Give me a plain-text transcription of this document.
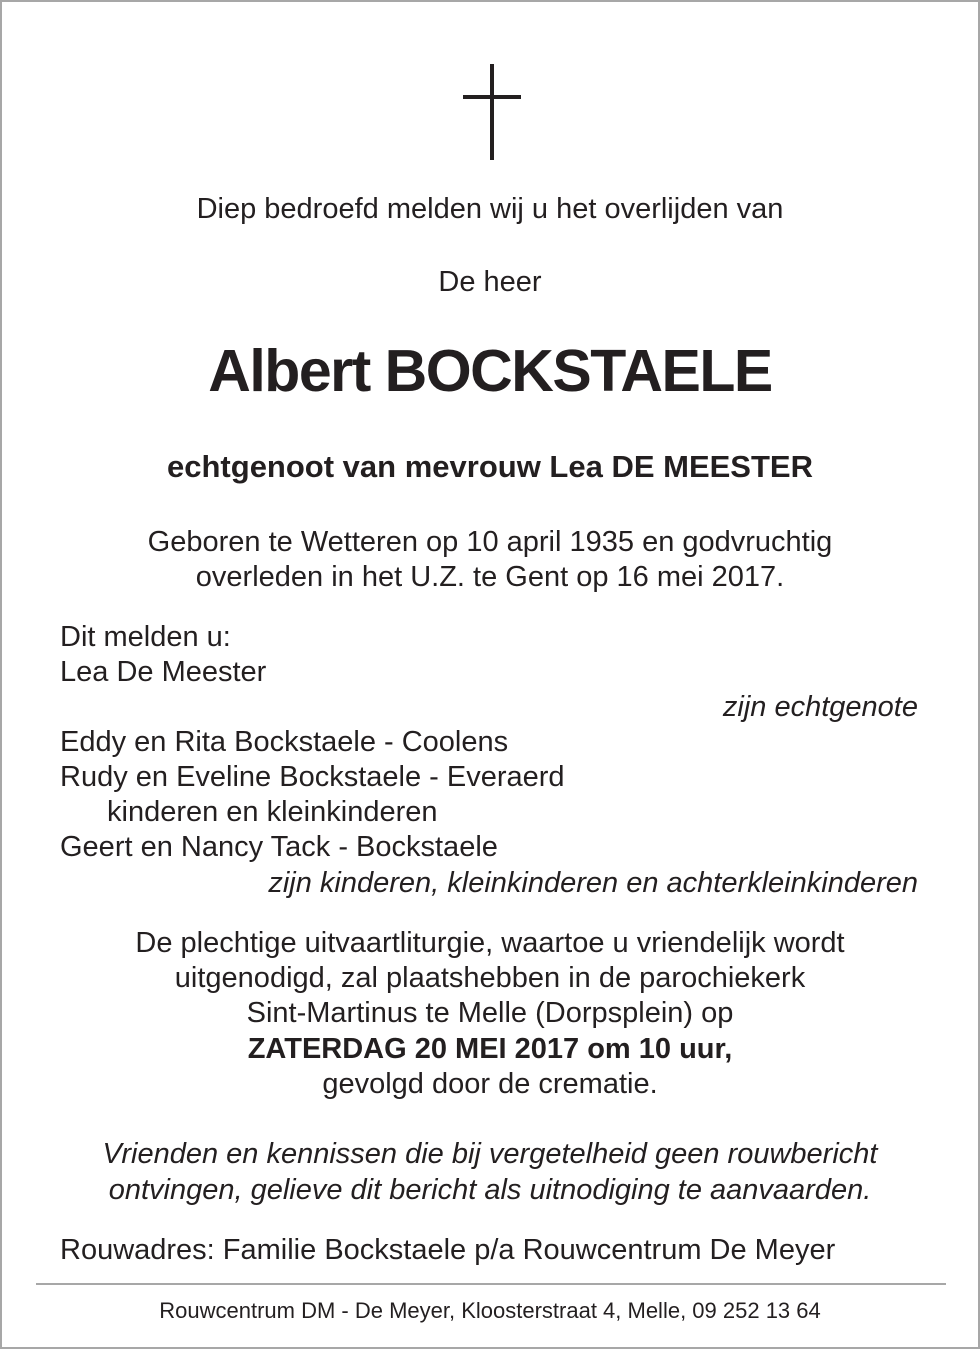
Diep bedroefd melden wij u het overlijden van
De heer
Albert BOCKSTAELE
echtgenoot van mevrouw Lea DE MEESTER
Geboren te Wetteren op 10 april 1935 en godvruchtig
overleden in het U.Z. te Gent op 16 mei 2017.
Dit melden u:
Lea De Meester
zijn echtgenote
Eddy en Rita Bockstaele - Coolens
Rudy en Eveline Bockstaele - Everaerd
kinderen en kleinkinderen
Geert en Nancy Tack - Bockstaele
zijn kinderen, kleinkinderen en achterkleinkinderen
De plechtige uitvaartliturgie, waartoe u vriendelijk wordt
uitgenodigd, zal plaatshebben in de parochiekerk
Sint-Martinus te Melle (Dorpsplein) op
ZATERDAG 20 MEI 2017 om 10 uur,
gevolgd door de crematie.
Vrienden en kennissen die bij vergetelheid geen rouwbericht
ontvingen, gelieve dit bericht als uitnodiging te aanvaarden.
Rouwadres: Familie Bockstaele p/a Rouwcentrum De Meyer
Rouwcentrum DM - De Meyer, Kloosterstraat 4, Melle, 09 252 13 64
